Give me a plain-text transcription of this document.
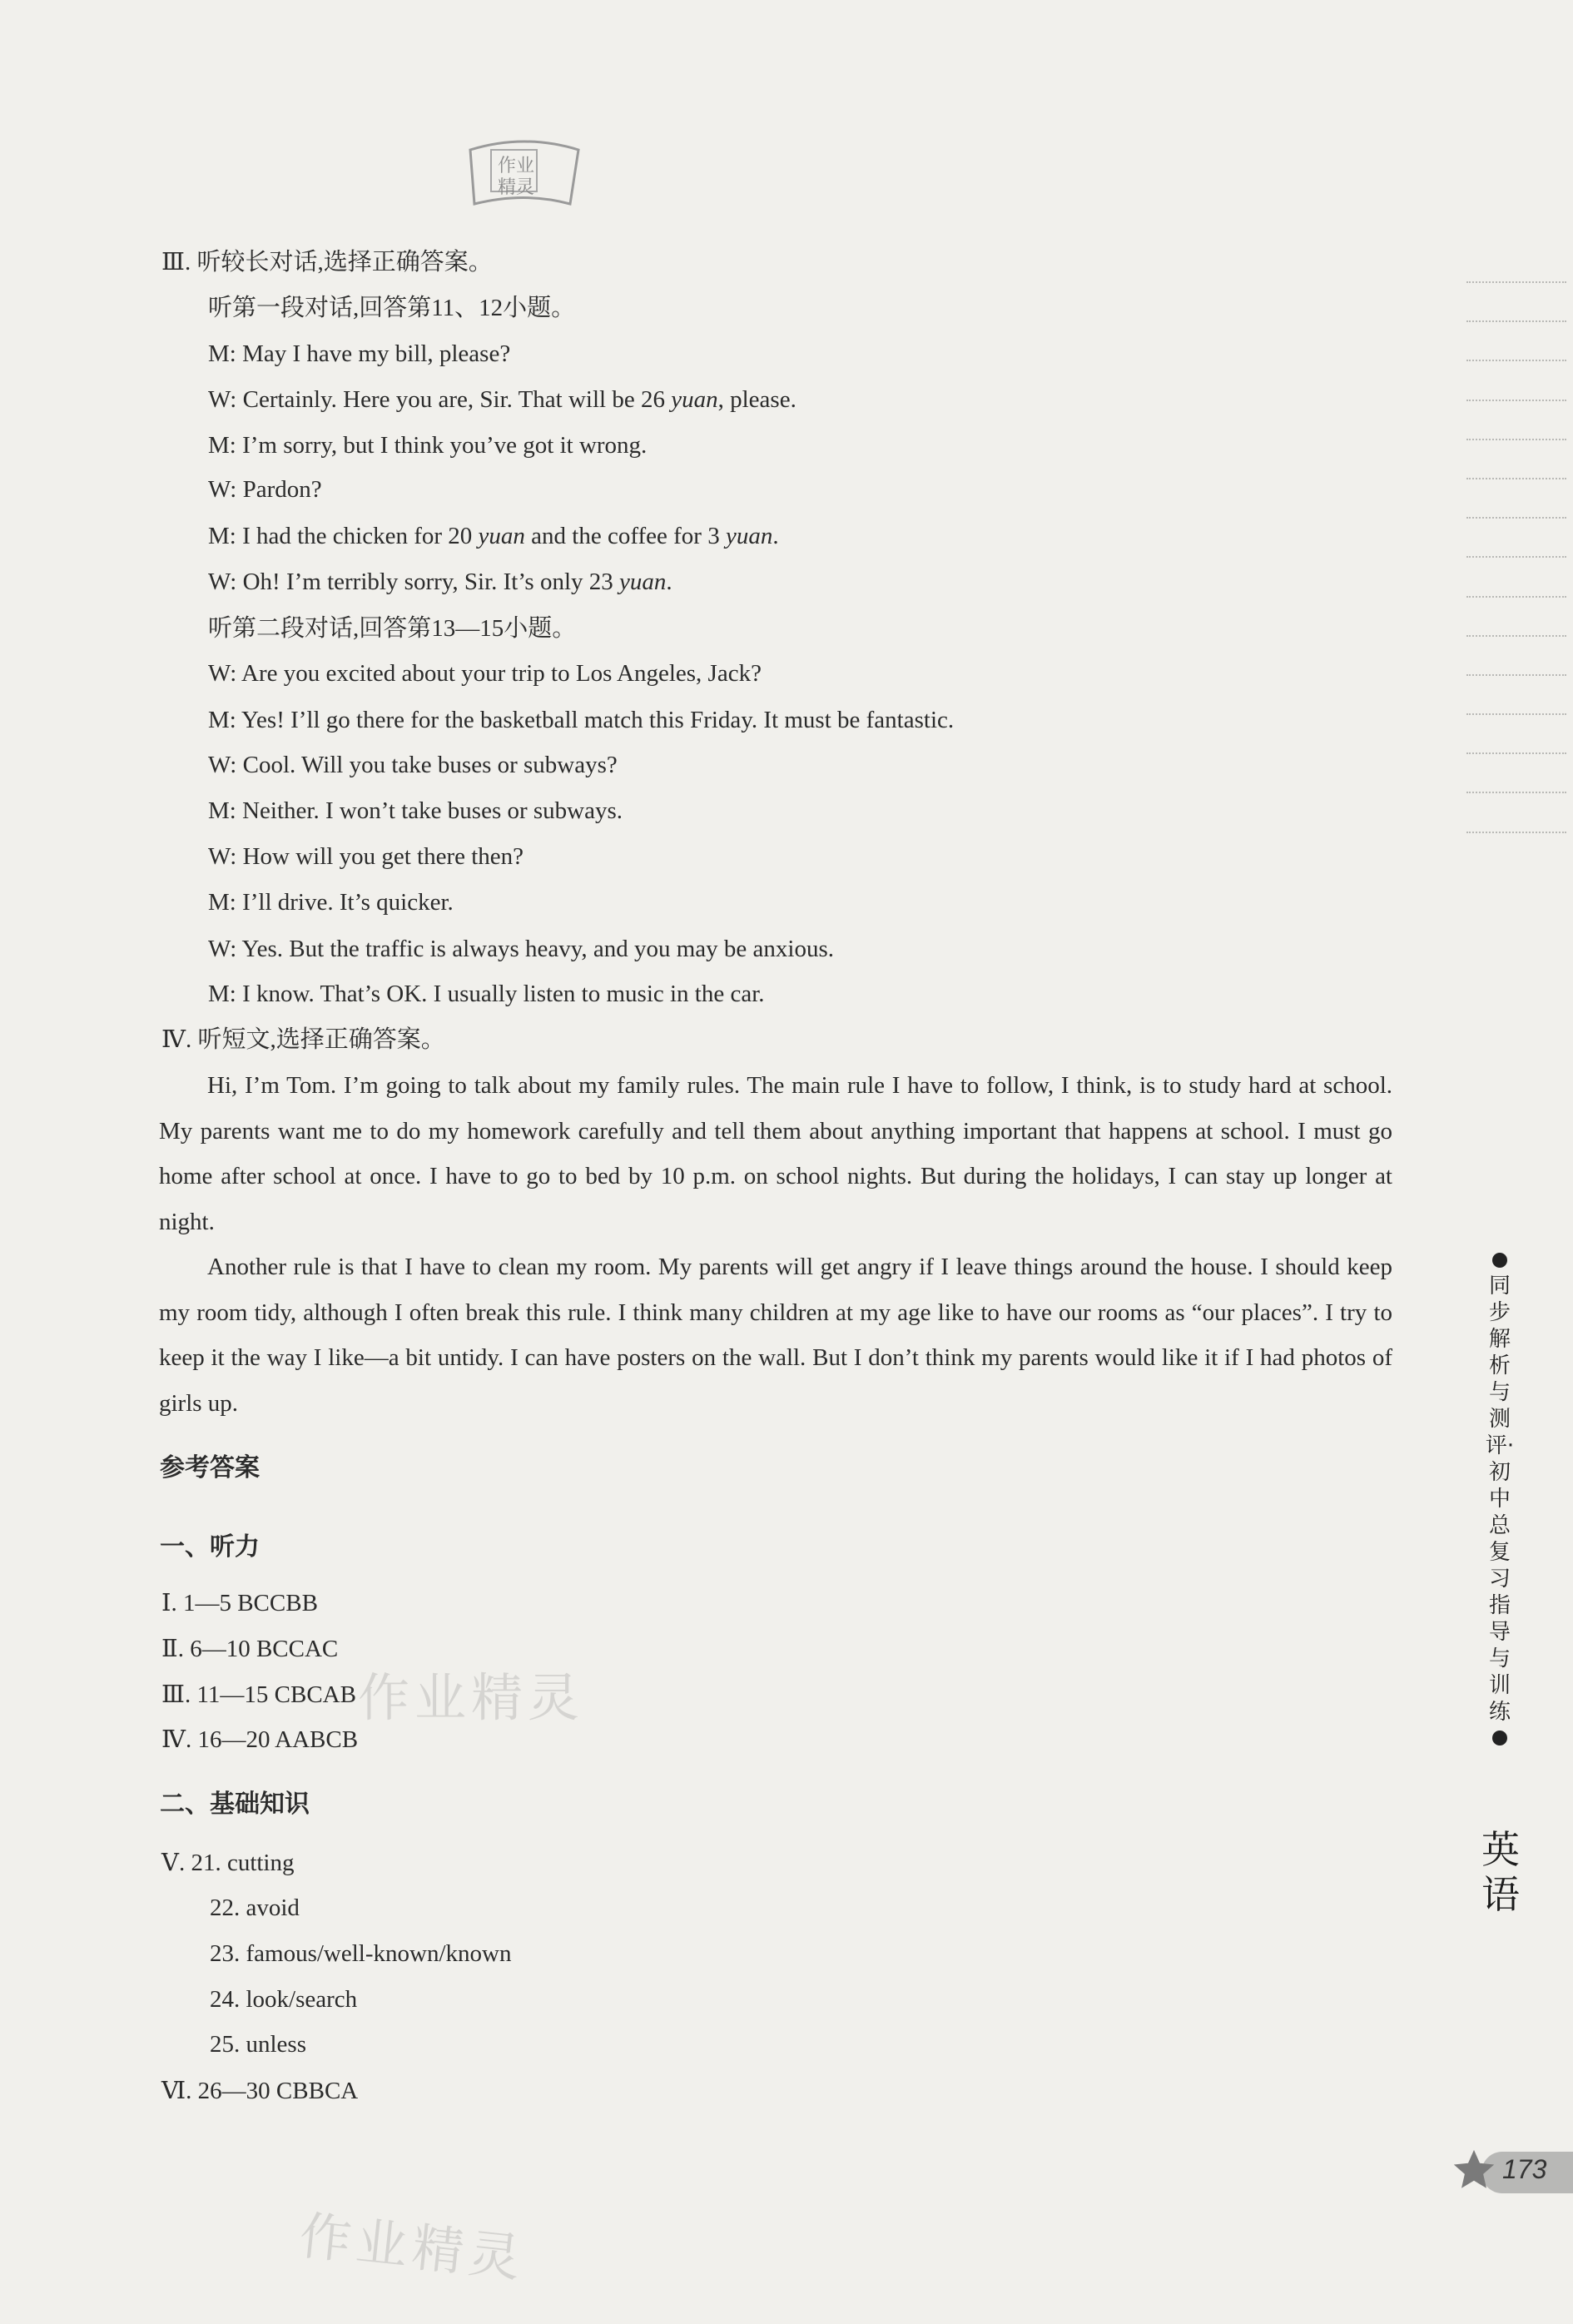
作业
精灵
Ⅲ. 听较长对话,选择正确答案。
听第一段对话,回答第11、12小题。
M: May I have my bill, please?
W: Certainly. Here you are, Sir. That will be 26 yuan, please.
M: I’m sorry, but I think you’ve got it wrong.
W: Pardon?
M: I had the chicken for 20 yuan and the coffee for 3 yuan.
W: Oh! I’m terribly sorry, Sir. It’s only 23 yuan.
听第二段对话,回答第13—15小题。
W: Are you excited about your trip to Los Angeles, Jack?
M: Yes! I’ll go there for the basketball match this Friday. It must be fantastic.
W: Cool. Will you take buses or subways?
M: Neither. I won’t take buses or subways.
W: How will you get there then?
M: I’ll drive. It’s quicker.
W: Yes. But the traffic is always heavy, and you may be anxious.
M: I know. That’s OK. I usually listen to music in the car.
Ⅳ. 听短文,选择正确答案。
Hi, I’m Tom. I’m going to talk about my family rules. The main rule I have to follow, I think, is to study hard at school. My parents want me to do my homework carefully and tell them about anything important that happens at school. I must go home after school at once. I have to go to bed by 10 p.m. on school nights. But during the holidays, I can stay up longer at night.
Another rule is that I have to clean my room. My parents will get angry if I leave things around the house. I should keep my room tidy, although I often break this rule. I think many children at my age like to have our rooms as “our places”. I try to keep it the way I like—a bit untidy. I can have posters on the wall. But I don’t think my parents would like it if I had photos of girls up.
参考答案
一、听力
Ⅰ. 1—5 BCCBB
Ⅱ. 6—10 BCCAC
Ⅲ. 11—15 CBCAB
Ⅳ. 16—20 AABCB
二、基础知识
Ⅴ. 21. cutting
22. avoid
23. famous/well-known/known
24. look/search
25. unless
Ⅵ. 26—30 CBBCA
作业精灵
作业精灵
同步解析与测评·初中总复习指导与训练
英语
173
